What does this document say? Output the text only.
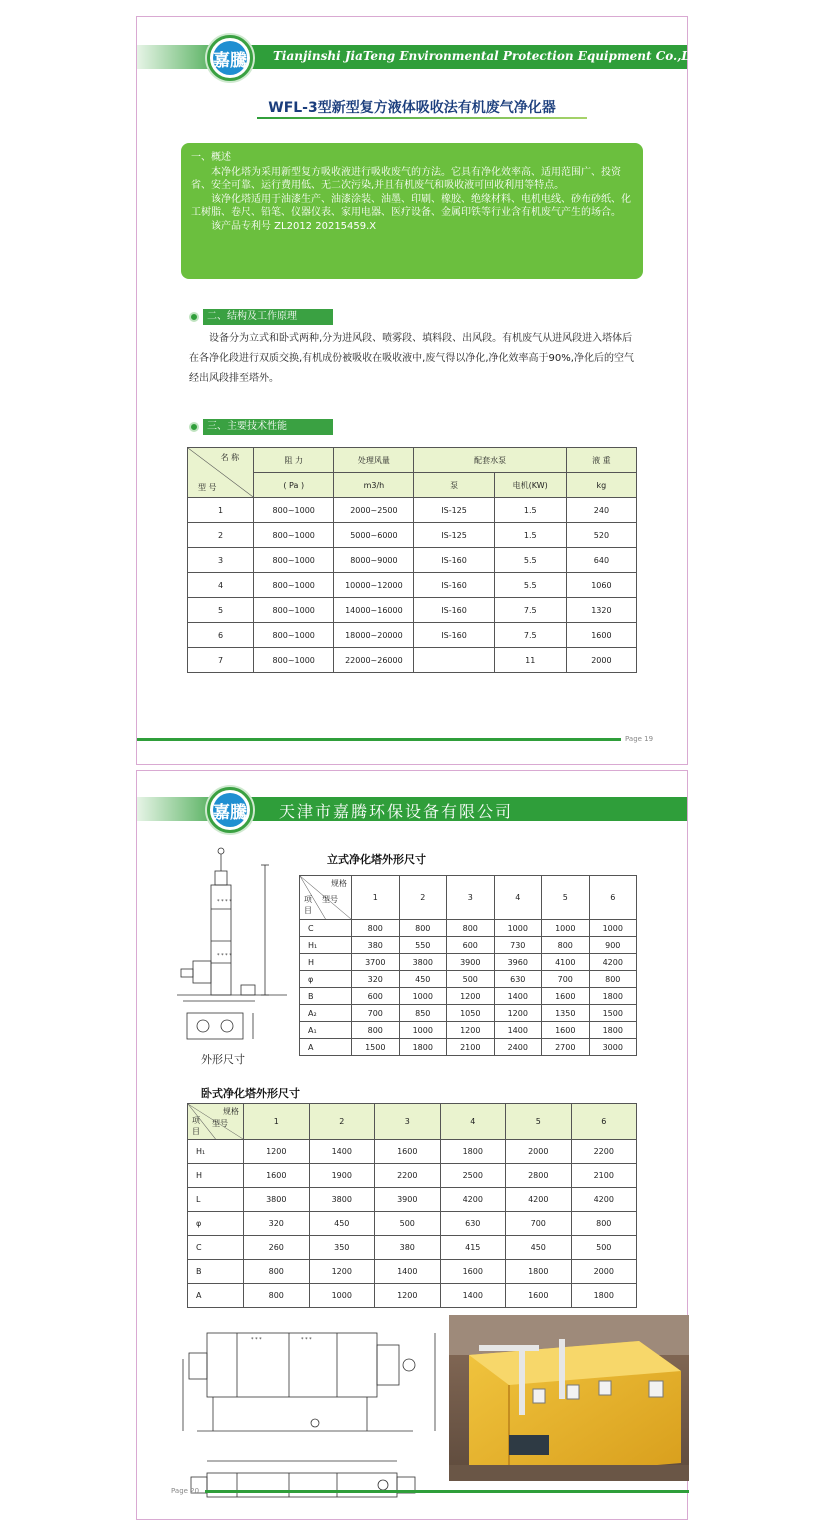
嘉騰 Tianjinshi JiaTeng Environmental Protection Equipment Co.,Ltd
WFL-3型新型复方液体吸收法有机废气净化器
一、概述

本净化塔为采用新型复方吸收液进行吸收废气的方法。它具有净化效率高、适用范围广、投资省、安全可靠、运行费用低、无二次污染,并且有机废气和吸收液可回收利用等特点。

该净化塔适用于油漆生产、油漆涂装、油墨、印刷、橡胶、绝缘材料、电机电线、砂布砂纸、化工树脂、卷尺、铅笔、仪器仪表、家用电器、医疗设备、金属印铁等行业含有机废气产生的场合。

该产品专利号 ZL2012 20215459.X

二、结构及工作原理
设备分为立式和卧式两种,分为进风段、喷雾段、填料段、出风段。有机废气从进风段进入塔体后在各净化段进行双质交换,有机成份被吸收在吸收液中,废气得以净化,净化效率高于90%,净化后的空气经出风段排至塔外。
三、主要技术性能
名 称
型 号	阻 力	处理风量	配套水泵		液 重
	( Pa )	m3/h	泵	电机(KW)	kg
1	800~1000	2000~2500	IS-125	1.5	240
2	800~1000	5000~6000	IS-125	1.5	520
3	800~1000	8000~9000	IS-160	5.5	640
4	800~1000	10000~12000	IS-160	5.5	1060
5	800~1000	14000~16000	IS-160	7.5	1320
6	800~1000	18000~20000	IS-160	7.5	1600
7	800~1000	22000~26000		11	2000
Page 19
嘉騰 天津市嘉腾环保设备有限公司
* * * *
* * * *
立式净化塔外形尺寸
规格
型号
项目	1	2	3	4	5	6
C	800	800	800	1000	1000	1000
H₁	380	550	600	730	800	900
H	3700	3800	3900	3960	4100	4200
φ	320	450	500	630	700	800
B	600	1000	1200	1400	1600	1800
A₂	700	850	1050	1200	1350	1500
A₁	800	1000	1200	1400	1600	1800
A	1500	1800	2100	2400	2700	3000
外形尺寸
卧式净化塔外形尺寸
规格
型号
项目	1	2	3	4	5	6
H₁	1200	1400	1600	1800	2000	2200
H	1600	1900	2200	2500	2800	2100
L	3800	3800	3900	4200	4200	4200
φ	320	450	500	630	700	800
C	260	350	380	415	450	500
B	800	1200	1400	1600	1800	2000
A	800	1000	1200	1400	1600	1800
* * *	* * *
Page 20
